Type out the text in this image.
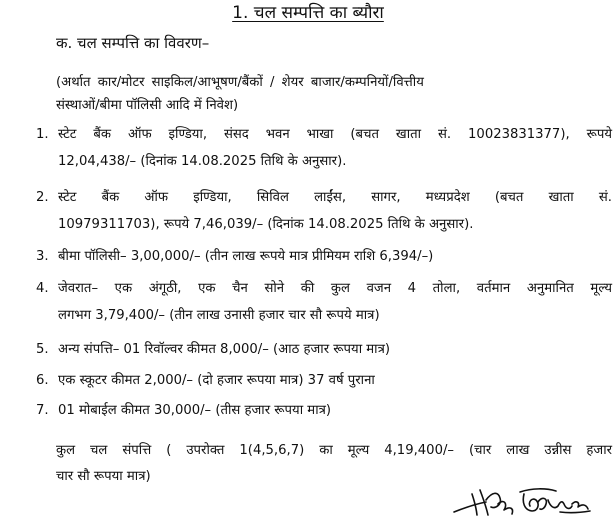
1. चल सम्पत्ति का ब्यौरा
क. चल सम्पत्ति का विवरण–
(अर्थात कार/मोटर साइकिल/आभूषण/बैंकों / शेयर बाजार/कम्पनियों/वित्तीय
संस्थाओं/बीमा पॉलिसी आदि में निवेश)
1. स्टेट बैंक ऑफ इण्डिया, संसद भवन भाखा (बचत खाता सं. 10023831377), रूपये
12,04,438/– (दिनांक 14.08.2025 तिथि के अनुसार).
2. स्टेट बैंक ऑफ इण्डिया, सिविल लाईंस, सागर, मध्यप्रदेश (बचत खाता सं.
10979311703), रूपये 7,46,039/– (दिनांक 14.08.2025 तिथि के अनुसार).
3. बीमा पॉलिसी– 3,00,000/– (तीन लाख रूपये मात्र प्रीमियम राशि 6,394/–)
4. जेवरात– एक अंगूठी, एक चैन सोने की कुल वजन 4 तोला, वर्तमान अनुमानित मूल्य
लगभग 3,79,400/– (तीन लाख उनासी हजार चार सौ रूपये मात्र)
5. अन्य संपत्ति– 01 रिवॉल्वर कीमत 8,000/– (आठ हजार रूपया मात्र)
6. एक स्कूटर कीमत 2,000/– (दो हजार रूपया मात्र) 37 वर्ष पुराना
7. 01 मोबाईल कीमत 30,000/– (तीस हजार रूपया मात्र)
कुल चल संपत्ति ( उपरोक्त 1(4,5,6,7) का मूल्य 4,19,400/– (चार लाख उन्नीस हजार
चार सौ रूपया मात्र)
